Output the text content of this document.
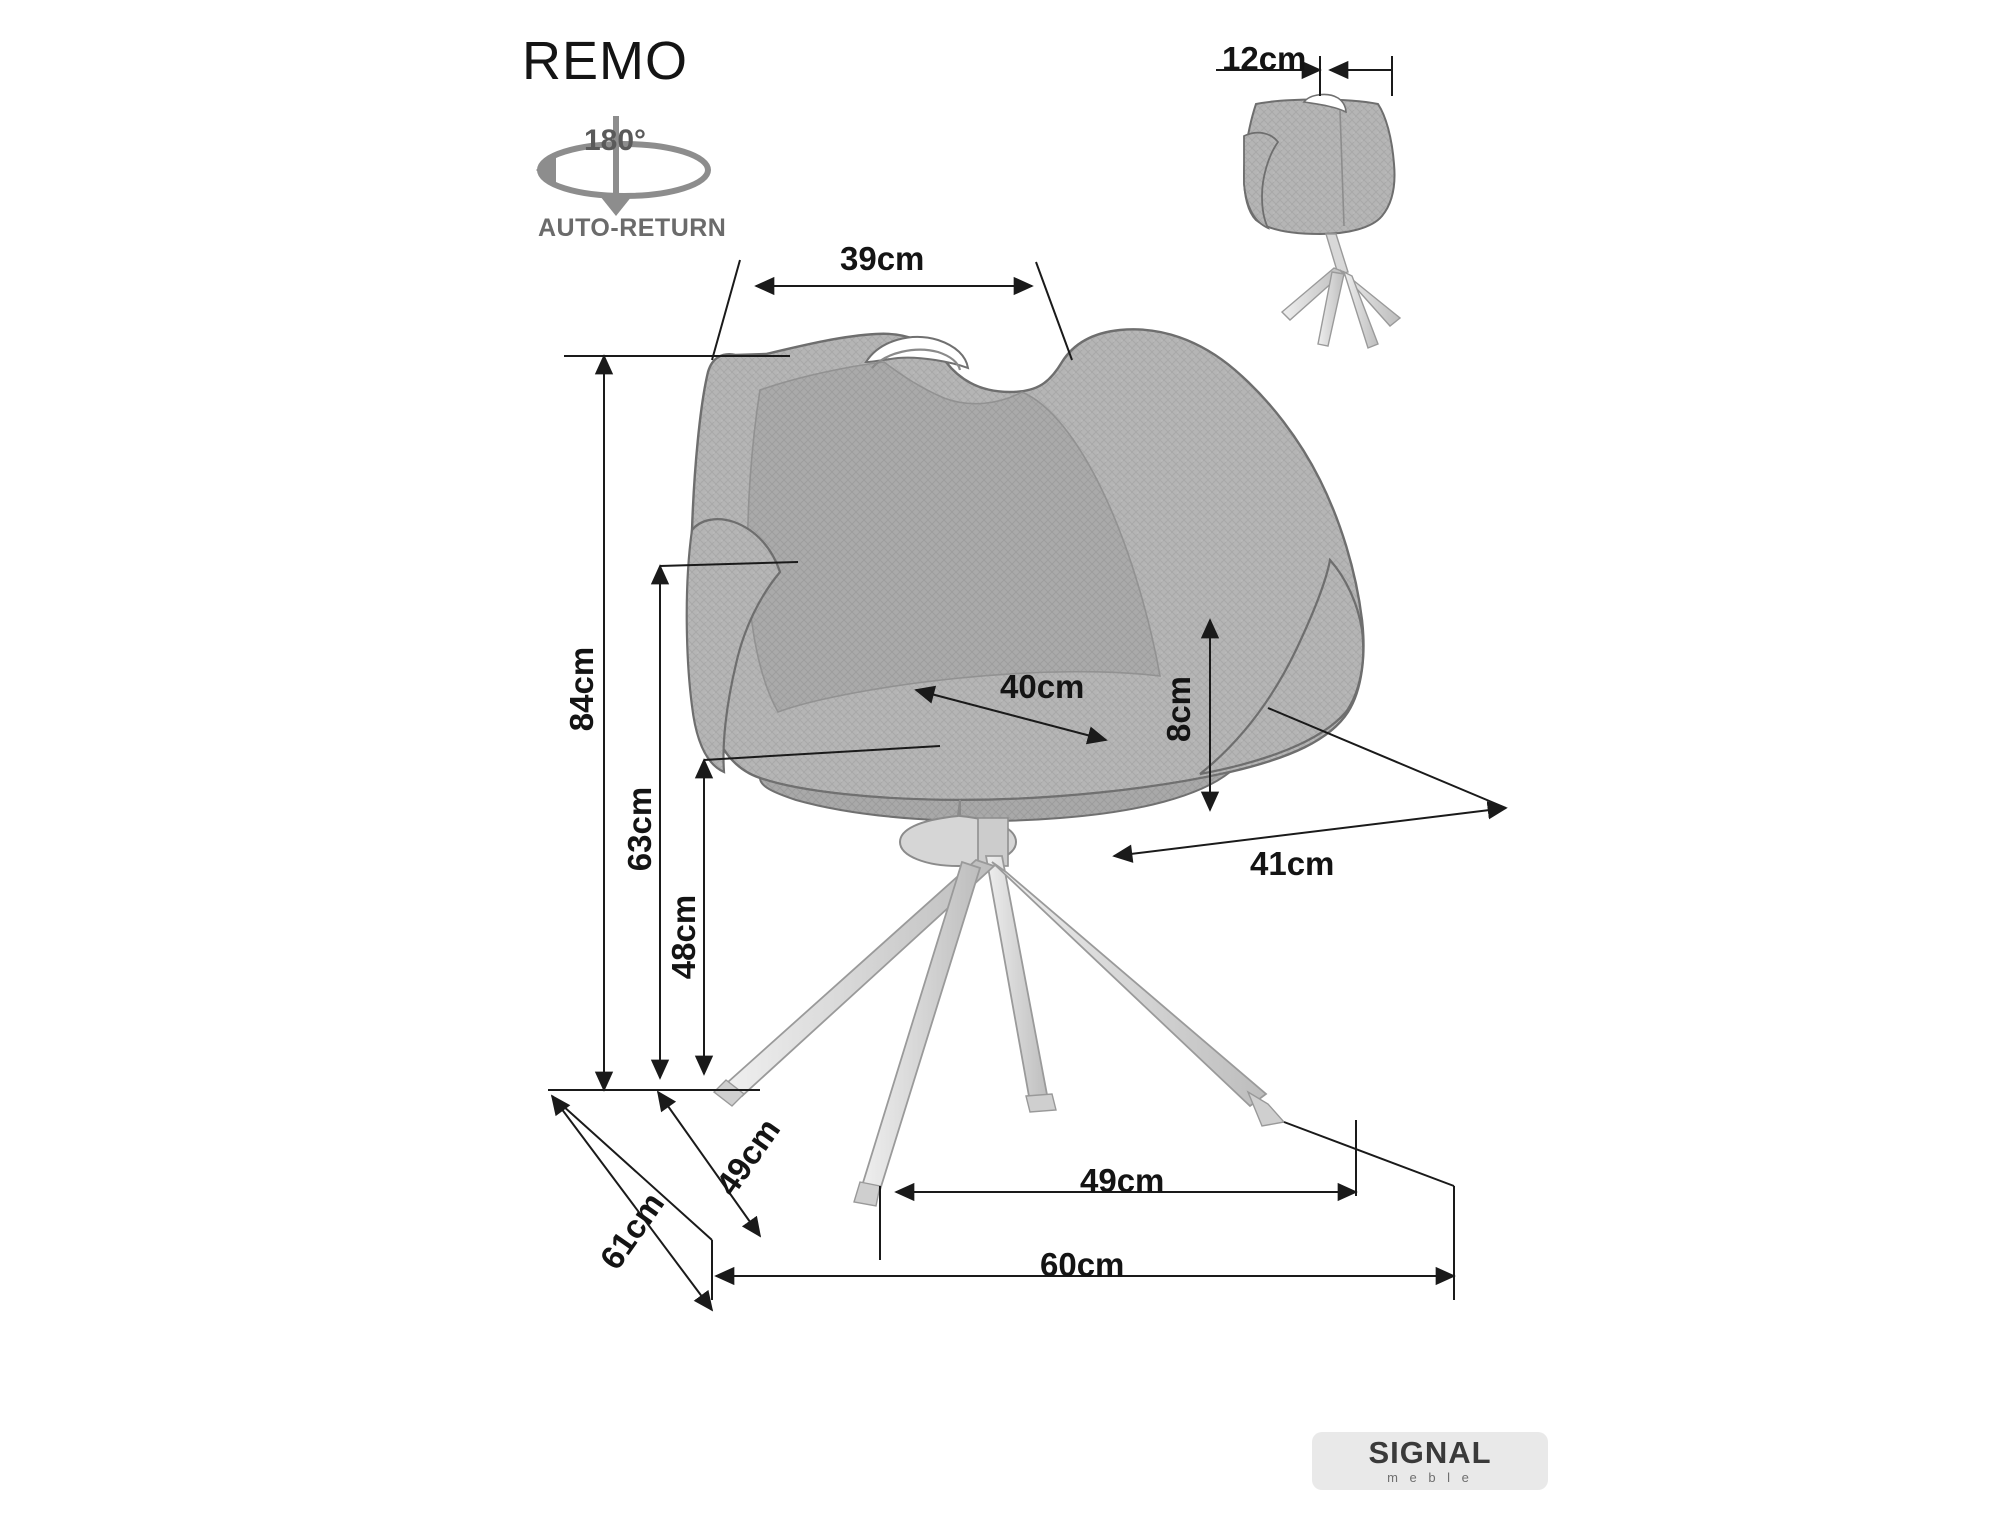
REMO
180°
AUTO-RETURN
39cm
40cm 8cm
41cm
84cm
63cm
48cm
49cm
61cm
49cm
60cm
12cm
SIGNAL
m e b l e
